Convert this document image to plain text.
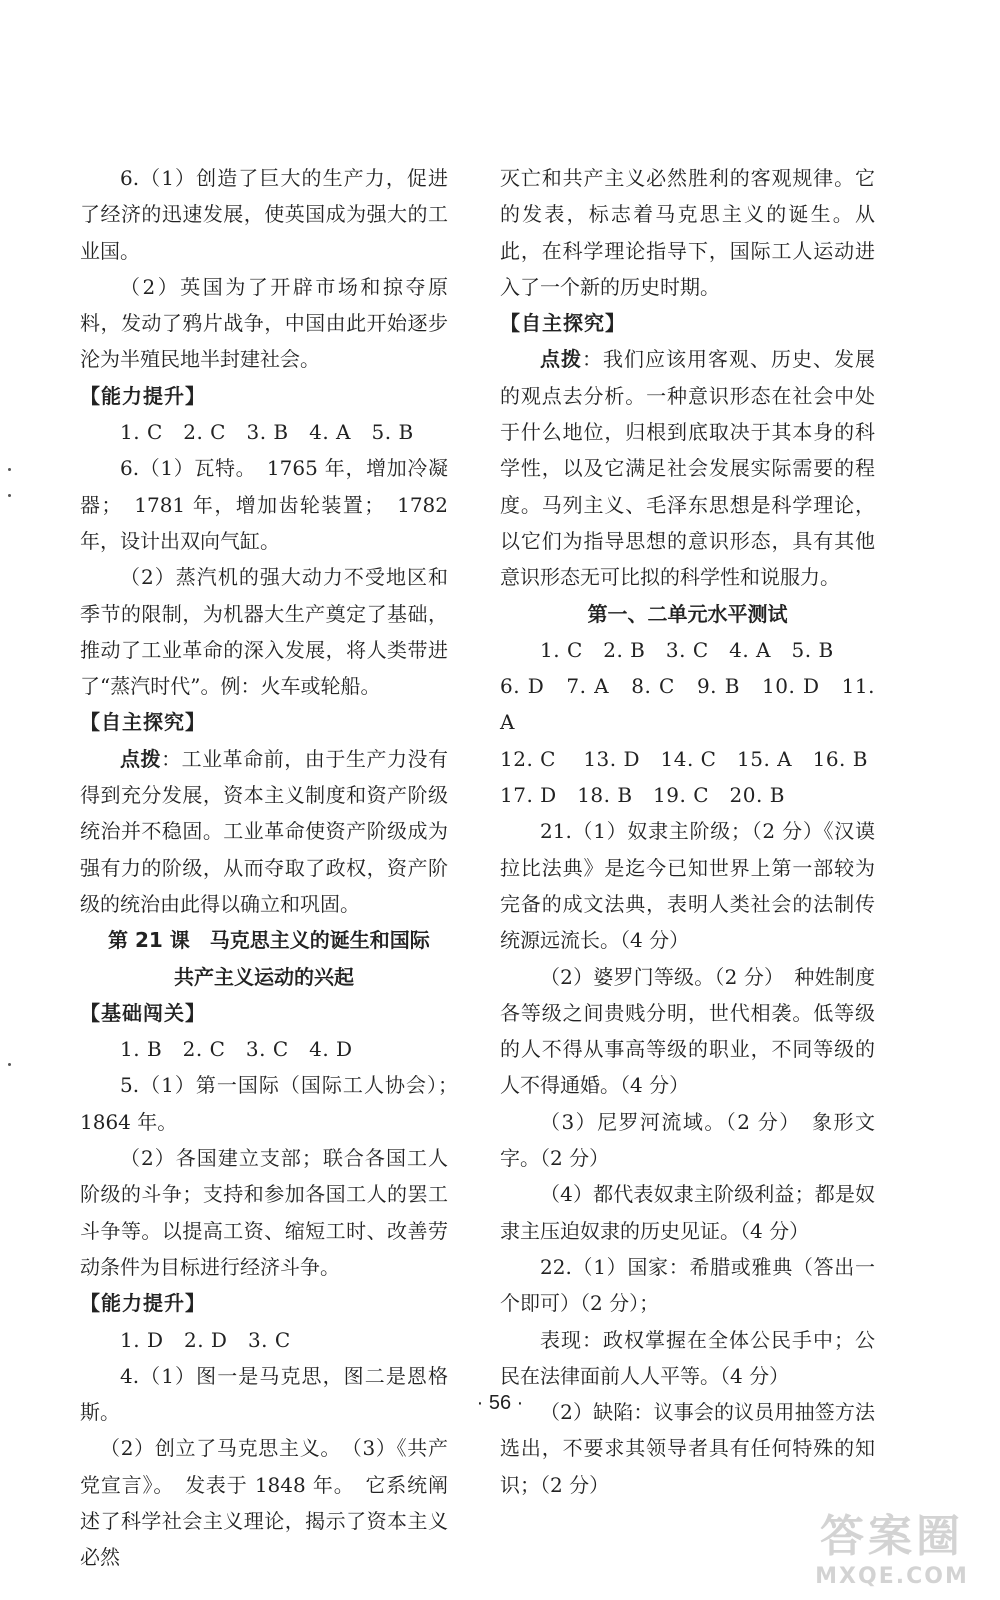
6.（1）创造了巨大的生产力，促进了经济的迅速发展，使英国成为强大的工业国。

（2）英国为了开辟市场和掠夺原料，发动了鸦片战争，中国由此开始逐步沦为半殖民地半封建社会。

【能力提升】

1. C　2. C　3. B　4. A　5. B

6.（1）瓦特。　1765 年，增加冷凝器；　1781 年，增加齿轮装置；　1782 年，设计出双向气缸。

（2）蒸汽机的强大动力不受地区和季节的限制，为机器大生产奠定了基础，推动了工业革命的深入发展，将人类带进了“蒸汽时代”。例：火车或轮船。

【自主探究】

点拨：工业革命前，由于生产力没有得到充分发展，资本主义制度和资产阶级统治并不稳固。工业革命使资产阶级成为强有力的阶级，从而夺取了政权，资产阶级的统治由此得以确立和巩固。

第 21 课　马克思主义的诞生和国际

共产主义运动的兴起

【基础闯关】

1. B　2. C　3. C　4. D

5.（1）第一国际（国际工人协会）；　1864 年。

（2）各国建立支部；联合各国工人阶级的斗争；支持和参加各国工人的罢工斗争等。以提高工资、缩短工时、改善劳动条件为目标进行经济斗争。

【能力提升】

1. D　2. D　3. C

4.（1）图一是马克思，图二是恩格斯。

（2）创立了马克思主义。　（3）《共产党宣言》。　发表于 1848 年。　它系统阐述了科学社会主义理论，揭示了资本主义必然

灭亡和共产主义必然胜利的客观规律。它的发表，标志着马克思主义的诞生。从此，在科学理论指导下，国际工人运动进入了一个新的历史时期。

【自主探究】

点拨：我们应该用客观、历史、发展的观点去分析。一种意识形态在社会中处于什么地位，归根到底取决于其本身的科学性，以及它满足社会发展实际需要的程度。马列主义、毛泽东思想是科学理论，以它们为指导思想的意识形态，具有其他意识形态无可比拟的科学性和说服力。

第一、二单元水平测试

1. C　2. B　3. C　4. A　5. B

6. D　7. A　8. C　9. B　10. D　11. A

12. C　 13. D　14. C　15. A　16. B

17. D　18. B　19. C　20. B

21.（1）奴隶主阶级；（2 分）《汉谟拉比法典》是迄今已知世界上第一部较为完备的成文法典，表明人类社会的法制传统源远流长。（4 分）

（2）婆罗门等级。（2 分）　种姓制度各等级之间贵贱分明，世代相袭。低等级的人不得从事高等级的职业，不同等级的人不得通婚。（4 分）

（3）尼罗河流域。（2 分）　象形文字。（2 分）

（4）都代表奴隶主阶级利益；都是奴隶主压迫奴隶的历史见证。（4 分）

22.（1）国家：希腊或雅典（答出一个即可）（2 分）；

表现：政权掌握在全体公民手中；公民在法律面前人人平等。（4 分）

（2）缺陷：议事会的议员用抽签方法选出，不要求其领导者具有任何特殊的知识；（2 分）

· 56 ·
答案圈
MXQE.COM
